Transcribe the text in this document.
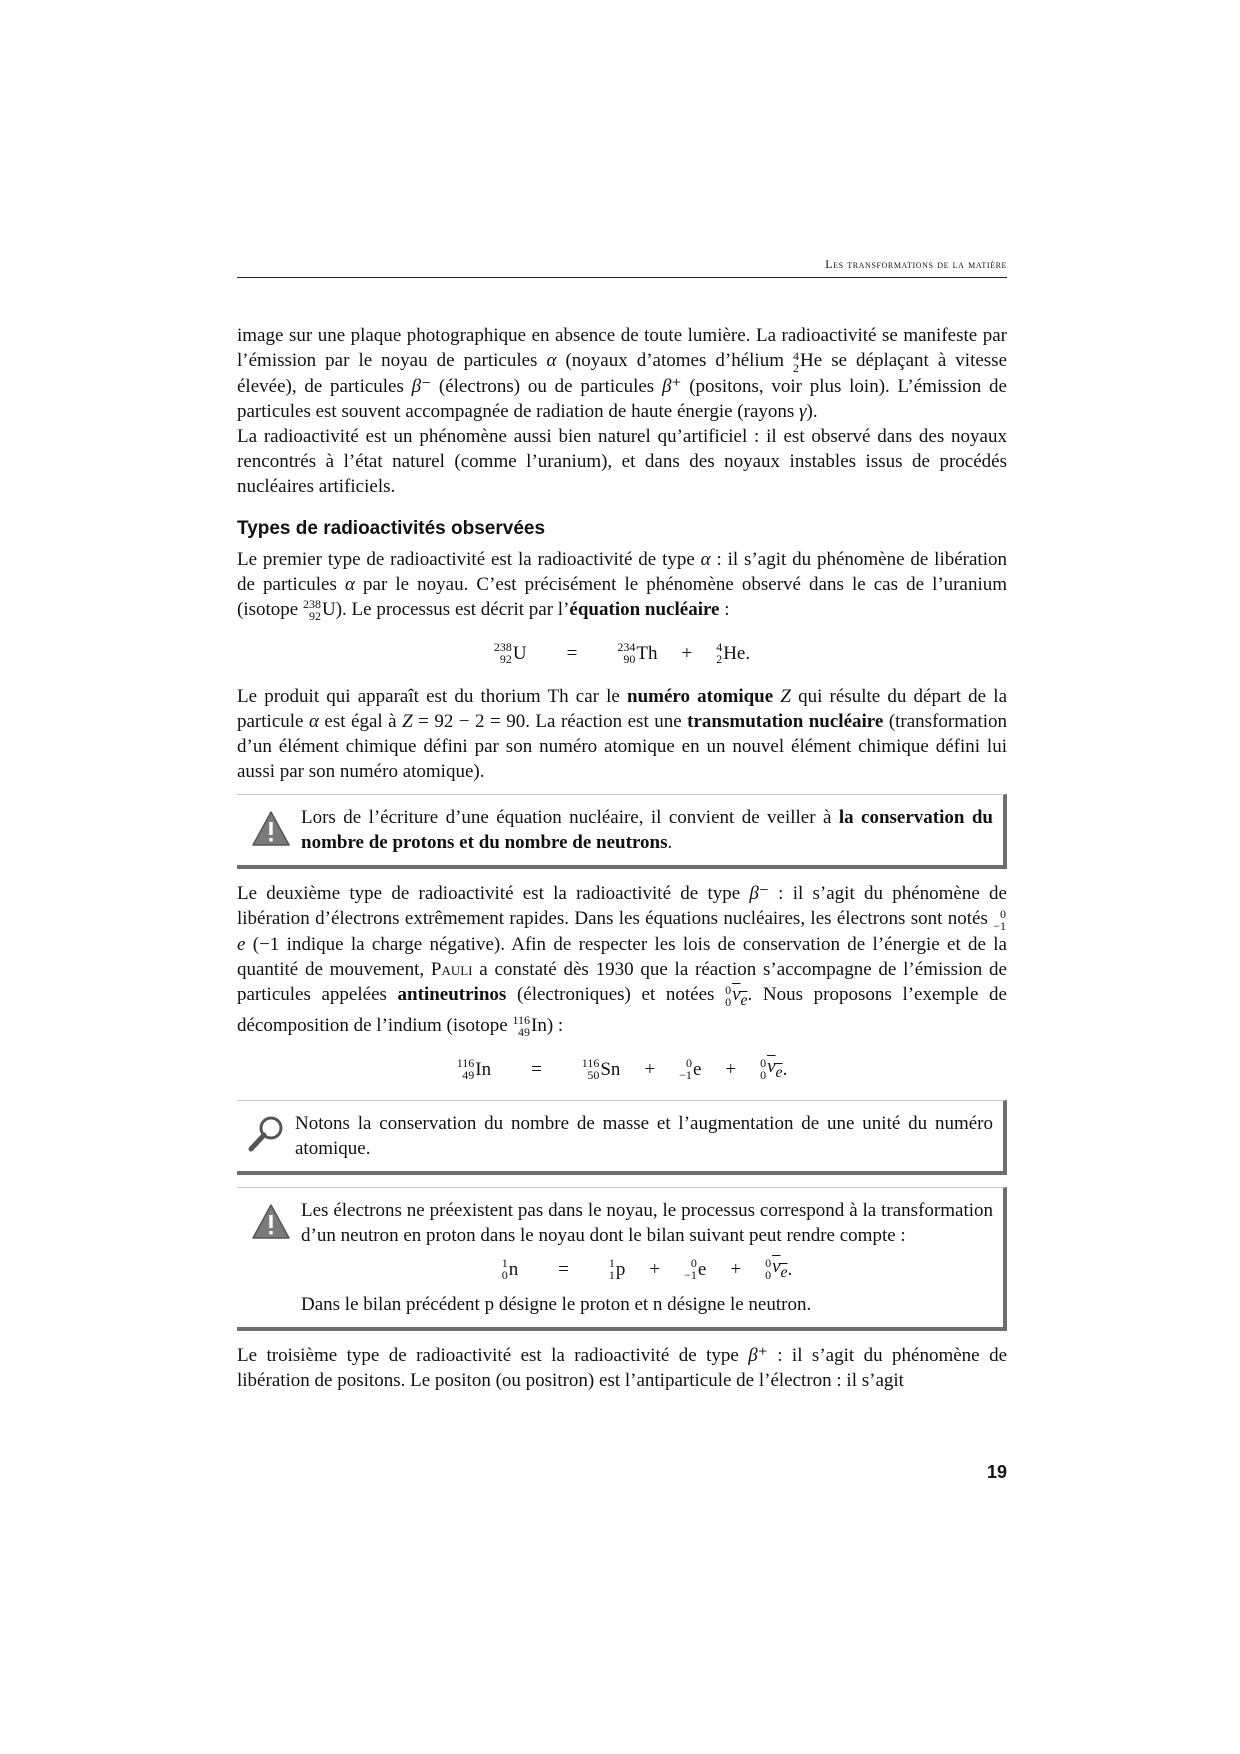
Les transformations de la matière

image sur une plaque photographique en absence de toute lumière. La radioactivité se manifeste par l’émission par le noyau de particules α (noyaux d’atomes d’hélium 4
2 He se déplaçant à vitesse élevée), de particules β⁻ (électrons) ou de particules β⁺ (positons, voir plus loin). L’émission de particules est souvent accompagnée de radiation de haute énergie (rayons γ).

La radioactivité est un phénomène aussi bien naturel qu’artificiel : il est observé dans des noyaux rencontrés à l’état naturel (comme l’uranium), et dans des noyaux instables issus de procédés nucléaires artificiels.

Types de radioactivités observées

Le premier type de radioactivité est la radioactivité de type α : il s’agit du phénomène de libération de particules α par le noyau. C’est précisément le phénomène observé dans le cas de l’uranium (isotope 238
92 U). Le processus est décrit par l’équation nucléaire :

238
92 U =	234
90 Th + 4
2 He.

Le produit qui apparaît est du thorium Th car le numéro atomique Z qui résulte du départ de la particule α est égal à Z = 92 − 2 = 90. La réaction est une transmutation nucléaire (transformation d’un élément chimique défini par son numéro atomique en un nouvel élément chimique défini lui aussi par son numéro atomique).

Lors de l’écriture d’une équation nucléaire, il convient de veiller à la conservation du nombre de protons et du nombre de neutrons.

Le deuxième type de radioactivité est la radioactivité de type β⁻ : il s’agit du phénomène de libération d’électrons extrêmement rapides. Dans les équations nucléaires, les électrons sont notés 0
−1
e (−1 indique la charge négative). Afin de respecter les lois de conservation de l’énergie et de la quantité de mouvement, Pauli a constaté dès 1930 que la réaction s’accompagne de l’émission de particules appelées antineutrinos (électroniques) et notées 0
0 $\nu_e$. Nous proposons l’exemple de décomposition de l’indium (isotope 116
49 In) :

116
49 In =	116
50 Sn +	0
−1 e + 0
0 $\nu_e$ .

Notons la conservation du nombre de masse et l’augmentation de une unité du numéro atomique.

Les électrons ne préexistent pas dans le noyau, le processus correspond à la transformation d’un neutron en proton dans le noyau dont le bilan suivant peut rendre compte :

1
0 n =	1
1 p +	0
−1 e + 0
0 $\nu_e$ .

Dans le bilan précédent p désigne le proton et n désigne le neutron.

Le troisième type de radioactivité est la radioactivité de type β⁺ : il s’agit du phénomène de libération de positons. Le positon (ou positron) est l’antiparticule de l’électron : il s’agit

19
